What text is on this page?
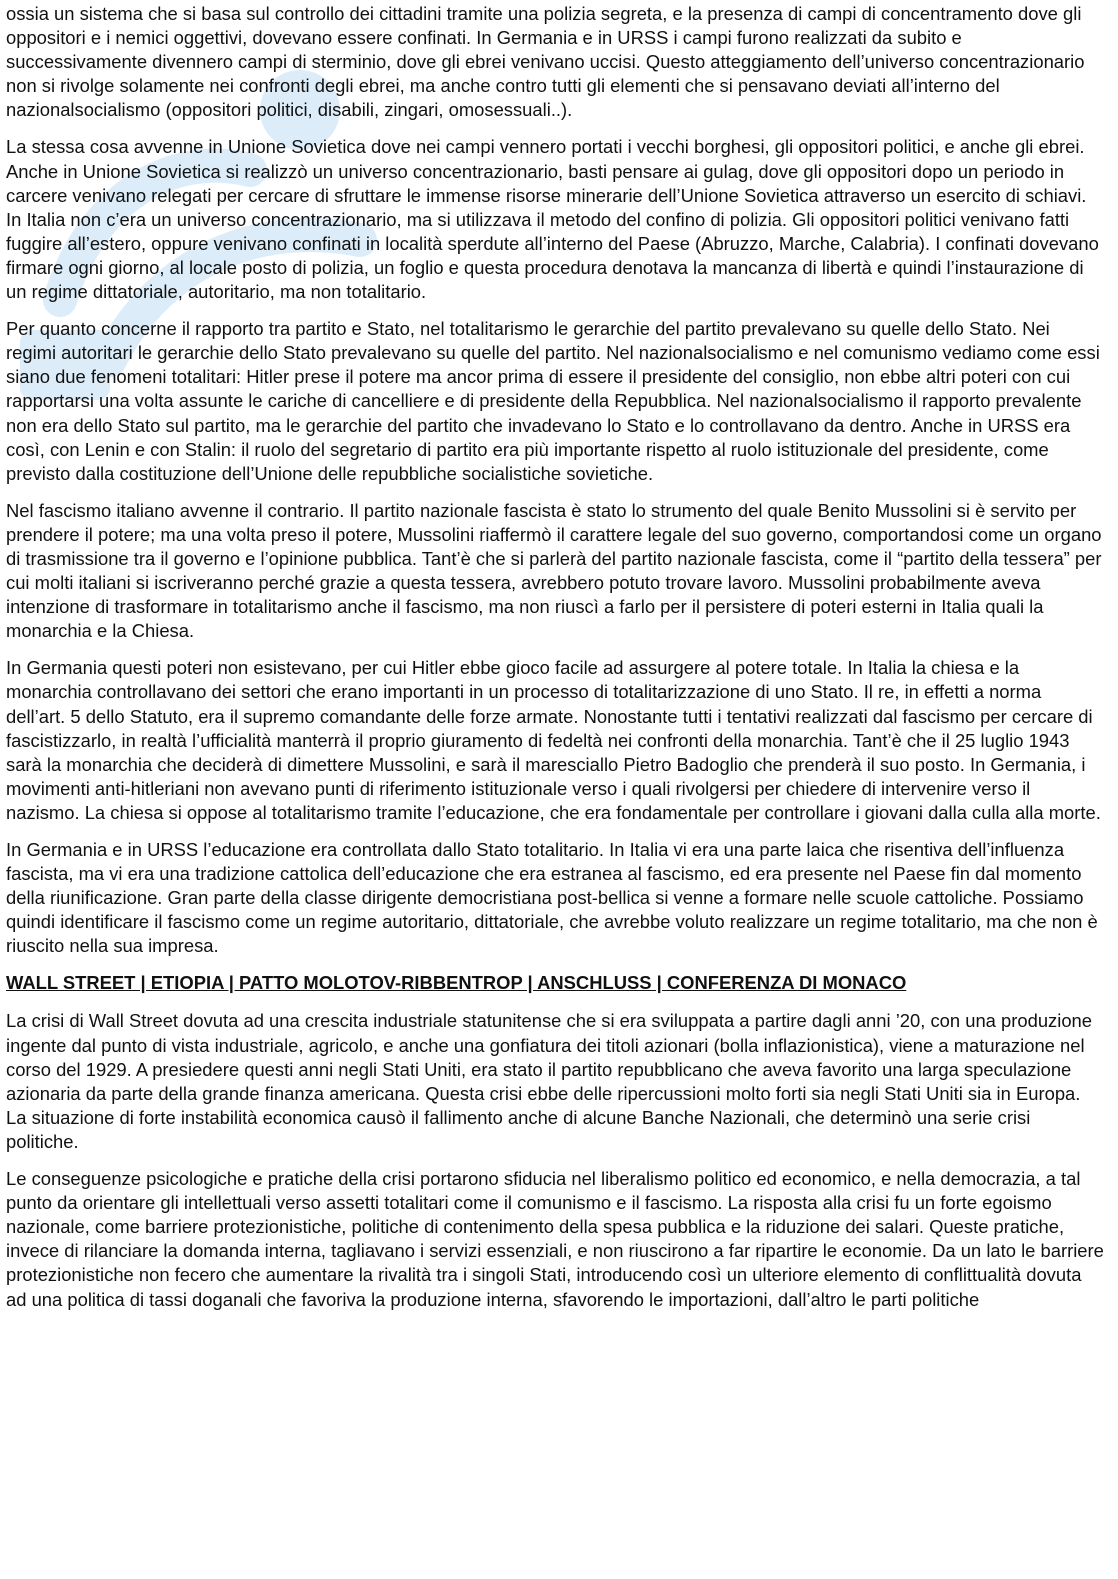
ossia un sistema che si basa sul controllo dei cittadini tramite una polizia segreta, e la presenza di campi di concentramento dove gli oppositori e i nemici oggettivi, dovevano essere confinati. In Germania e in URSS i campi furono realizzati da subito e successivamente divennero campi di sterminio, dove gli ebrei venivano uccisi. Questo atteggiamento dell’universo concentrazionario non si rivolge solamente nei confronti degli ebrei, ma anche contro tutti gli elementi che si pensavano deviati all’interno del nazionalsocialismo (oppositori politici, disabili, zingari, omosessuali..).

La stessa cosa avvenne in Unione Sovietica dove nei campi vennero portati i vecchi borghesi, gli oppositori politici, e anche gli ebrei. Anche in Unione Sovietica si realizzò un universo concentrazionario, basti pensare ai gulag, dove gli oppositori dopo un periodo in carcere venivano relegati per cercare di sfruttare le immense risorse minerarie dell’Unione Sovietica attraverso un esercito di schiavi. In Italia non c’era un universo concentrazionario, ma si utilizzava il metodo del confino di polizia. Gli oppositori politici venivano fatti fuggire all’estero, oppure venivano confinati in località sperdute all’interno del Paese (Abruzzo, Marche, Calabria). I confinati dovevano firmare ogni giorno, al locale posto di polizia, un foglio e questa procedura denotava la mancanza di libertà e quindi l’instaurazione di un regime dittatoriale, autoritario, ma non totalitario.

Per quanto concerne il rapporto tra partito e Stato, nel totalitarismo le gerarchie del partito prevalevano su quelle dello Stato. Nei regimi autoritari le gerarchie dello Stato prevalevano su quelle del partito. Nel nazionalsocialismo e nel comunismo vediamo come essi siano due fenomeni totalitari: Hitler prese il potere ma ancor prima di essere il presidente del consiglio, non ebbe altri poteri con cui rapportarsi una volta assunte le cariche di cancelliere e di presidente della Repubblica. Nel nazionalsocialismo il rapporto prevalente non era dello Stato sul partito, ma le gerarchie del partito che invadevano lo Stato e lo controllavano da dentro. Anche in URSS era così, con Lenin e con Stalin: il ruolo del segretario di partito era più importante rispetto al ruolo istituzionale del presidente, come previsto dalla costituzione dell’Unione delle repubbliche socialistiche sovietiche.

Nel fascismo italiano avvenne il contrario. Il partito nazionale fascista è stato lo strumento del quale Benito Mussolini si è servito per prendere il potere; ma una volta preso il potere, Mussolini riaffermò il carattere legale del suo governo, comportandosi come un organo di trasmissione tra il governo e l’opinione pubblica. Tant’è che si parlerà del partito nazionale fascista, come il “partito della tessera” per cui molti italiani si iscriveranno perché grazie a questa tessera, avrebbero potuto trovare lavoro. Mussolini probabilmente aveva intenzione di trasformare in totalitarismo anche il fascismo, ma non riuscì a farlo per il persistere di poteri esterni in Italia quali la monarchia e la Chiesa.

In Germania questi poteri non esistevano, per cui Hitler ebbe gioco facile ad assurgere al potere totale. In Italia la chiesa e la monarchia controllavano dei settori che erano importanti in un processo di totalitarizzazione di uno Stato. Il re, in effetti a norma dell’art. 5 dello Statuto, era il supremo comandante delle forze armate. Nonostante tutti i tentativi realizzati dal fascismo per cercare di fascistizzarlo, in realtà l’ufficialità manterrà il proprio giuramento di fedeltà nei confronti della monarchia. Tant’è che il 25 luglio 1943 sarà la monarchia che deciderà di dimettere Mussolini, e sarà il maresciallo Pietro Badoglio che prenderà il suo posto. In Germania, i movimenti anti-hitleriani non avevano punti di riferimento istituzionale verso i quali rivolgersi per chiedere di intervenire verso il nazismo. La chiesa si oppose al totalitarismo tramite l’educazione, che era fondamentale per controllare i giovani dalla culla alla morte.

In Germania e in URSS l’educazione era controllata dallo Stato totalitario. In Italia vi era una parte laica che risentiva dell’influenza fascista, ma vi era una tradizione cattolica dell’educazione che era estranea al fascismo, ed era presente nel Paese fin dal momento della riunificazione. Gran parte della classe dirigente democristiana post-bellica si venne a formare nelle scuole cattoliche. Possiamo quindi identificare il fascismo come un regime autoritario, dittatoriale, che avrebbe voluto realizzare un regime totalitario, ma che non è riuscito nella sua impresa.

WALL STREET | ETIOPIA | PATTO MOLOTOV-RIBBENTROP | ANSCHLUSS | CONFERENZA DI MONACO

La crisi di Wall Street dovuta ad una crescita industriale statunitense che si era sviluppata a partire dagli anni ’20, con una produzione ingente dal punto di vista industriale, agricolo, e anche una gonfiatura dei titoli azionari (bolla inflazionistica), viene a maturazione nel corso del 1929. A presiedere questi anni negli Stati Uniti, era stato il partito repubblicano che aveva favorito una larga speculazione azionaria da parte della grande finanza americana. Questa crisi ebbe delle ripercussioni molto forti sia negli Stati Uniti sia in Europa. La situazione di forte instabilità economica causò il fallimento anche di alcune Banche Nazionali, che determinò una serie crisi politiche.

Le conseguenze psicologiche e pratiche della crisi portarono sfiducia nel liberalismo politico ed economico, e nella democrazia, a tal punto da orientare gli intellettuali verso assetti totalitari come il comunismo e il fascismo. La risposta alla crisi fu un forte egoismo nazionale, come barriere protezionistiche, politiche di contenimento della spesa pubblica e la riduzione dei salari. Queste pratiche, invece di rilanciare la domanda interna, tagliavano i servizi essenziali, e non riuscirono a far ripartire le economie. Da un lato le barriere protezionistiche non fecero che aumentare la rivalità tra i singoli Stati, introducendo così un ulteriore elemento di conflittualità dovuta ad una politica di tassi doganali che favoriva la produzione interna, sfavorendo le importazioni, dall’altro le parti politiche
